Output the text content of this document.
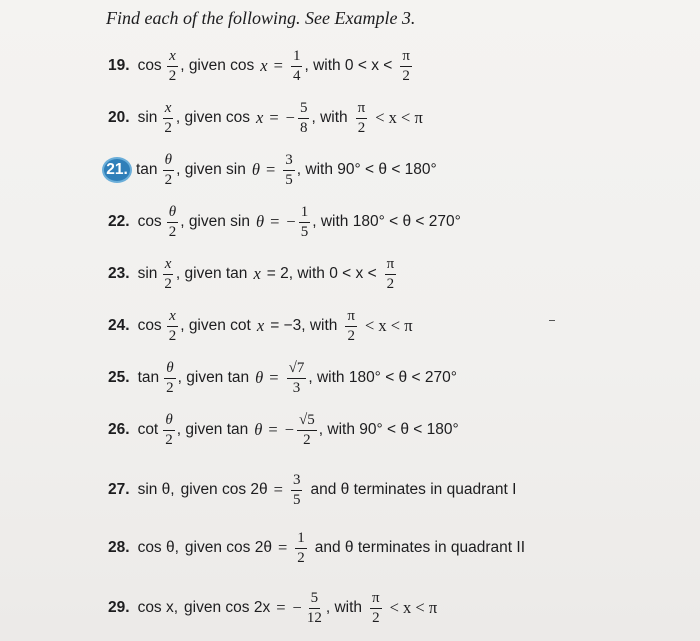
Find each of the following. See Example 3.
19. $\cos \frac{x}{2}$ , given $\cos x = \frac{1}{4}$ , with $0 < x < \frac{\pi}{2}$
20. $\sin \frac{x}{2}$ , given cos x = − $\frac{5}{8}$ , with $\frac{\pi}{2} < x < \pi$
21. $\tan \frac{\theta}{2}$ , given $\sin \theta = \frac{3}{5}$ , with 90° < θ < 180°
22. $\cos \frac{\theta}{2}$ , given sin θ = − $\frac{1}{5}$ , with 180° < θ < 270°
23. $\sin \frac{x}{2}$ , given tan x = 2, with $0 < x < \frac{\pi}{2}$
24. $\cos \frac{x}{2}$ , given cot x = −3, with $\frac{\pi}{2} < x < \pi$
25. $\tan \frac{\theta}{2}$ , given $\tan \theta = \frac{√7}{3}$ , with 180° < θ < 270°
26. $\cot \frac{\theta}{2}$ , given tan θ = − $\frac{√5}{2}$ , with 90° < θ < 180°
27. sin θ, given $\cos 2\theta = \frac{3}{5}$ and θ terminates in quadrant I
28. cos θ, given $\cos 2\theta = \frac{1}{2}$ and θ terminates in quadrant II
29. cos x, given cos 2x = − $\frac{5}{12}$ , with $\frac{\pi}{2} < x < \pi$
